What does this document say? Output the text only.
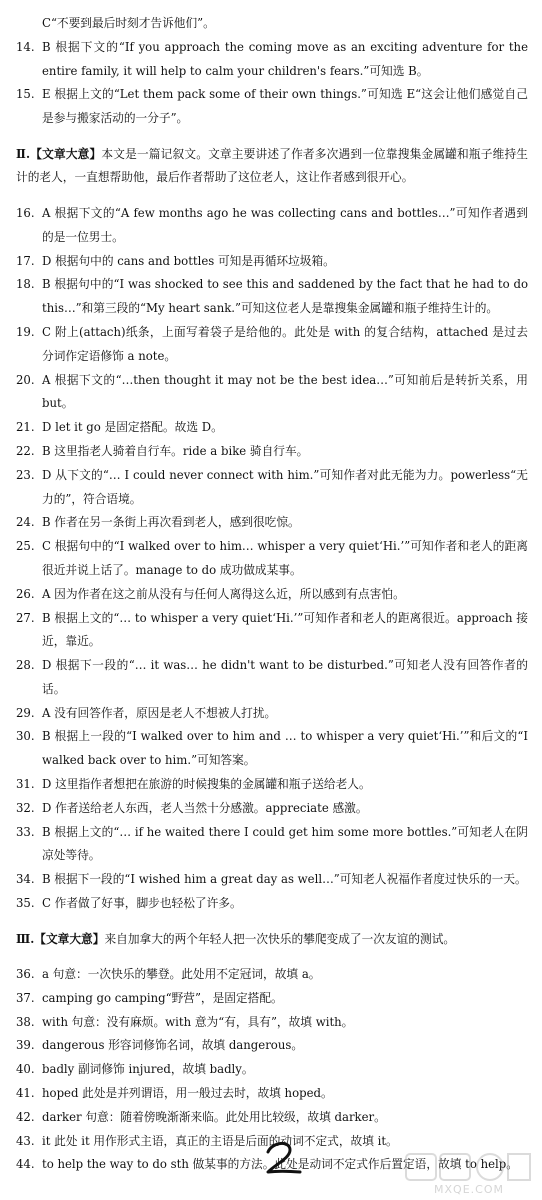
C“不要到最后时刻才告诉他们”。

14. B 根据下文的“If you approach the coming move as an exciting adventure for the entire family, it will help to calm your children's fears.”可知选 B。

15. E 根据上文的“Let them pack some of their own things.”可知选 E“这会让他们感觉自己是参与搬家活动的一分子”。

Ⅱ.【文章大意】本文是一篇记叙文。文章主要讲述了作者多次遇到一位靠搜集金属罐和瓶子维持生计的老人，一直想帮助他，最后作者帮助了这位老人，这让作者感到很开心。

16. A 根据下文的“A few months ago he was collecting cans and bottles…”可知作者遇到的是一位男士。

17. D 根据句中的 cans and bottles 可知是再循环垃圾箱。

18. B 根据句中的“I was shocked to see this and saddened by the fact that he had to do this…”和第三段的“My heart sank.”可知这位老人是靠搜集金属罐和瓶子维持生计的。

19. C 附上(attach)纸条，上面写着袋子是给他的。此处是 with 的复合结构，attached 是过去分词作定语修饰 a note。

20. A 根据下文的“…then thought it may not be the best idea…”可知前后是转折关系，用 but。

21. D let it go 是固定搭配。故选 D。

22. B 这里指老人骑着自行车。ride a bike 骑自行车。

23. D 从下文的“… I could never connect with him.”可知作者对此无能为力。powerless“无力的”，符合语境。

24. B 作者在另一条街上再次看到老人，感到很吃惊。

25. C 根据句中的“I walked over to him… whisper a very quiet‘Hi.’”可知作者和老人的距离很近并说上话了。manage to do 成功做成某事。

26. A 因为作者在这之前从没有与任何人离得这么近，所以感到有点害怕。

27. B 根据上文的“… to whisper a very quiet‘Hi.’”可知作者和老人的距离很近。approach 接近，靠近。

28. D 根据下一段的“… it was… he didn't want to be disturbed.”可知老人没有回答作者的话。

29. A 没有回答作者，原因是老人不想被人打扰。

30. B 根据上一段的“I walked over to him and … to whisper a very quiet‘Hi.’”和后文的“I walked back over to him.”可知答案。

31. D 这里指作者想把在旅游的时候搜集的金属罐和瓶子送给老人。

32. D 作者送给老人东西，老人当然十分感激。appreciate 感激。

33. B 根据上文的“… if he waited there I could get him some more bottles.”可知老人在阴凉处等待。

34. B 根据下一段的“I wished him a great day as well…”可知老人祝福作者度过快乐的一天。

35. C 作者做了好事，脚步也轻松了许多。

Ⅲ.【文章大意】来自加拿大的两个年轻人把一次快乐的攀爬变成了一次友谊的测试。

36. a 句意：一次快乐的攀登。此处用不定冠词，故填 a。

37. camping go camping“野营”，是固定搭配。

38. with 句意：没有麻烦。with 意为“有，具有”，故填 with。

39. dangerous 形容词修饰名词，故填 dangerous。

40. badly 副词修饰 injured，故填 badly。

41. hoped 此处是并列谓语，用一般过去时，故填 hoped。

42. darker 句意：随着傍晚渐渐来临。此处用比较级，故填 darker。

43. it 此处 it 用作形式主语，真正的主语是后面的动词不定式，故填 it。

44. to help the way to do sth 做某事的方法。此处是动词不定式作后置定语，故填 to help。

MXQE.COM
